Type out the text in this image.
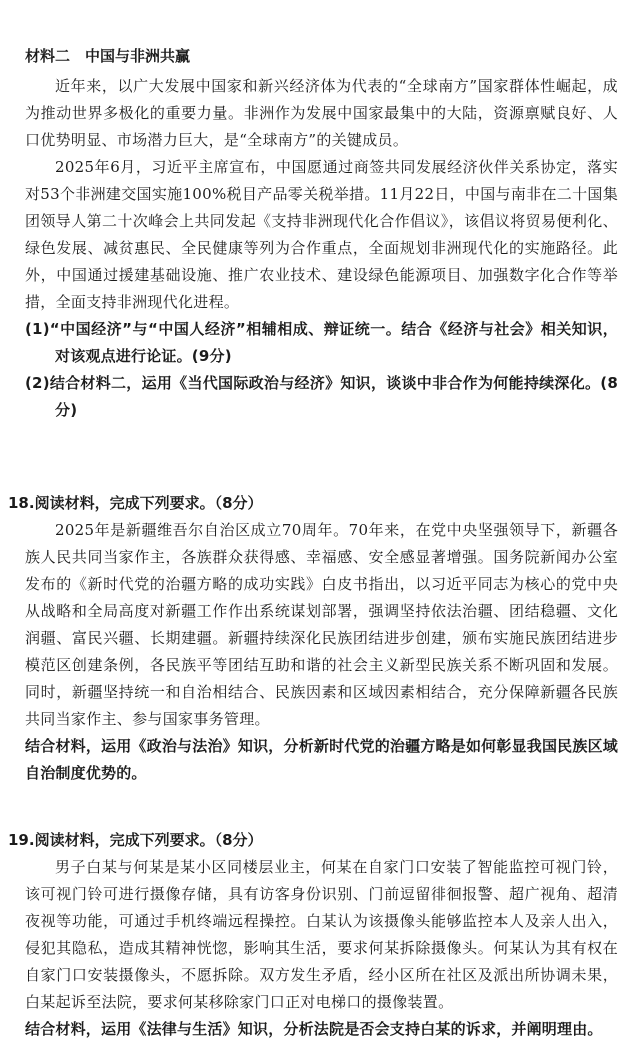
材料二　中国与非洲共赢

近年来，以广大发展中国家和新兴经济体为代表的“全球南方”国家群体性崛起，成为推动世界多极化的重要力量。非洲作为发展中国家最集中的大陆，资源禀赋良好、人口优势明显、市场潜力巨大，是“全球南方”的关键成员。

2025年6月，习近平主席宣布，中国愿通过商签共同发展经济伙伴关系协定，落实对53个非洲建交国实施100%税目产品零关税举措。11月22日，中国与南非在二十国集团领导人第二十次峰会上共同发起《支持非洲现代化合作倡议》，该倡议将贸易便利化、绿色发展、减贫惠民、全民健康等列为合作重点，全面规划非洲现代化的实施路径。此外，中国通过援建基础设施、推广农业技术、建设绿色能源项目、加强数字化合作等举措，全面支持非洲现代化进程。

(1)“中国经济”与“中国人经济”相辅相成、辩证统一。结合《经济与社会》相关知识，对该观点进行论证。(9分)

(2)结合材料二，运用《当代国际政治与经济》知识，谈谈中非合作为何能持续深化。(8分)

18.阅读材料，完成下列要求。（8分）

2025年是新疆维吾尔自治区成立70周年。70年来，在党中央坚强领导下，新疆各族人民共同当家作主，各族群众获得感、幸福感、安全感显著增强。国务院新闻办公室发布的《新时代党的治疆方略的成功实践》白皮书指出，以习近平同志为核心的党中央从战略和全局高度对新疆工作作出系统谋划部署，强调坚持依法治疆、团结稳疆、文化润疆、富民兴疆、长期建疆。新疆持续深化民族团结进步创建，颁布实施民族团结进步模范区创建条例，各民族平等团结互助和谐的社会主义新型民族关系不断巩固和发展。同时，新疆坚持统一和自治相结合、民族因素和区域因素相结合，充分保障新疆各民族共同当家作主、参与国家事务管理。

结合材料，运用《政治与法治》知识，分析新时代党的治疆方略是如何彰显我国民族区域自治制度优势的。

19.阅读材料，完成下列要求。（8分）

男子白某与何某是某小区同楼层业主，何某在自家门口安装了智能监控可视门铃，该可视门铃可进行摄像存储，具有访客身份识别、门前逗留徘徊报警、超广视角、超清夜视等功能，可通过手机终端远程操控。白某认为该摄像头能够监控本人及亲人出入，侵犯其隐私，造成其精神恍惚，影响其生活，要求何某拆除摄像头。何某认为其有权在自家门口安装摄像头，不愿拆除。双方发生矛盾，经小区所在社区及派出所协调未果，白某起诉至法院，要求何某移除家门口正对电梯口的摄像装置。

结合材料，运用《法律与生活》知识，分析法院是否会支持白某的诉求，并阐明理由。
